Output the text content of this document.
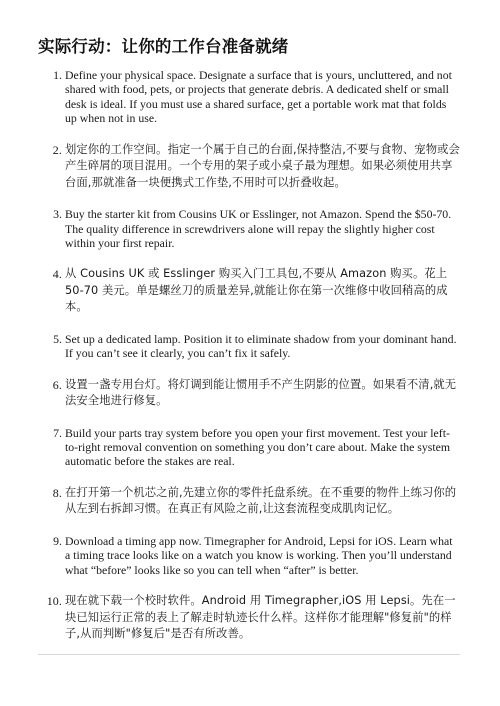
实际行动：让你的工作台准备就绪
1. Define your physical space. Designate a surface that is yours, uncluttered, and not shared with food, pets, or projects that generate debris. A dedicated shelf or small desk is ideal. If you must use a shared surface, get a portable work mat that folds up when not in use.
2. 划定你的工作空间。指定一个属于自己的台面,保持整洁,不要与食物、宠物或会产生碎屑的项目混用。一个专用的架子或小桌子最为理想。如果必须使用共享台面,那就准备一块便携式工作垫,不用时可以折叠收起。
3. Buy the starter kit from Cousins UK or Esslinger, not Amazon. Spend the $50-70. The quality difference in screwdrivers alone will repay the slightly higher cost within your first repair.
4. 从 Cousins UK 或 Esslinger 购买入门工具包,不要从 Amazon 购买。花上 50-70 美元。单是螺丝刀的质量差异,就能让你在第一次维修中收回稍高的成本。
5. Set up a dedicated lamp. Position it to eliminate shadow from your dominant hand. If you can’t see it clearly, you can’t fix it safely.
6. 设置一盏专用台灯。将灯调到能让惯用手不产生阴影的位置。如果看不清,就无法安全地进行修复。
7. Build your parts tray system before you open your first movement. Test your left-to-right removal convention on something you don’t care about. Make the system automatic before the stakes are real.
8. 在打开第一个机芯之前,先建立你的零件托盘系统。在不重要的物件上练习你的从左到右拆卸习惯。在真正有风险之前,让这套流程变成肌肉记忆。
9. Download a timing app now. Timegrapher for Android, Lepsi for iOS. Learn what a timing trace looks like on a watch you know is working. Then you’ll understand what “before” looks like so you can tell when “after” is better.
10. 现在就下载一个校时软件。Android 用 Timegrapher,iOS 用 Lepsi。先在一块已知运行正常的表上了解走时轨迹长什么样。这样你才能理解"修复前"的样子,从而判断"修复后"是否有所改善。
